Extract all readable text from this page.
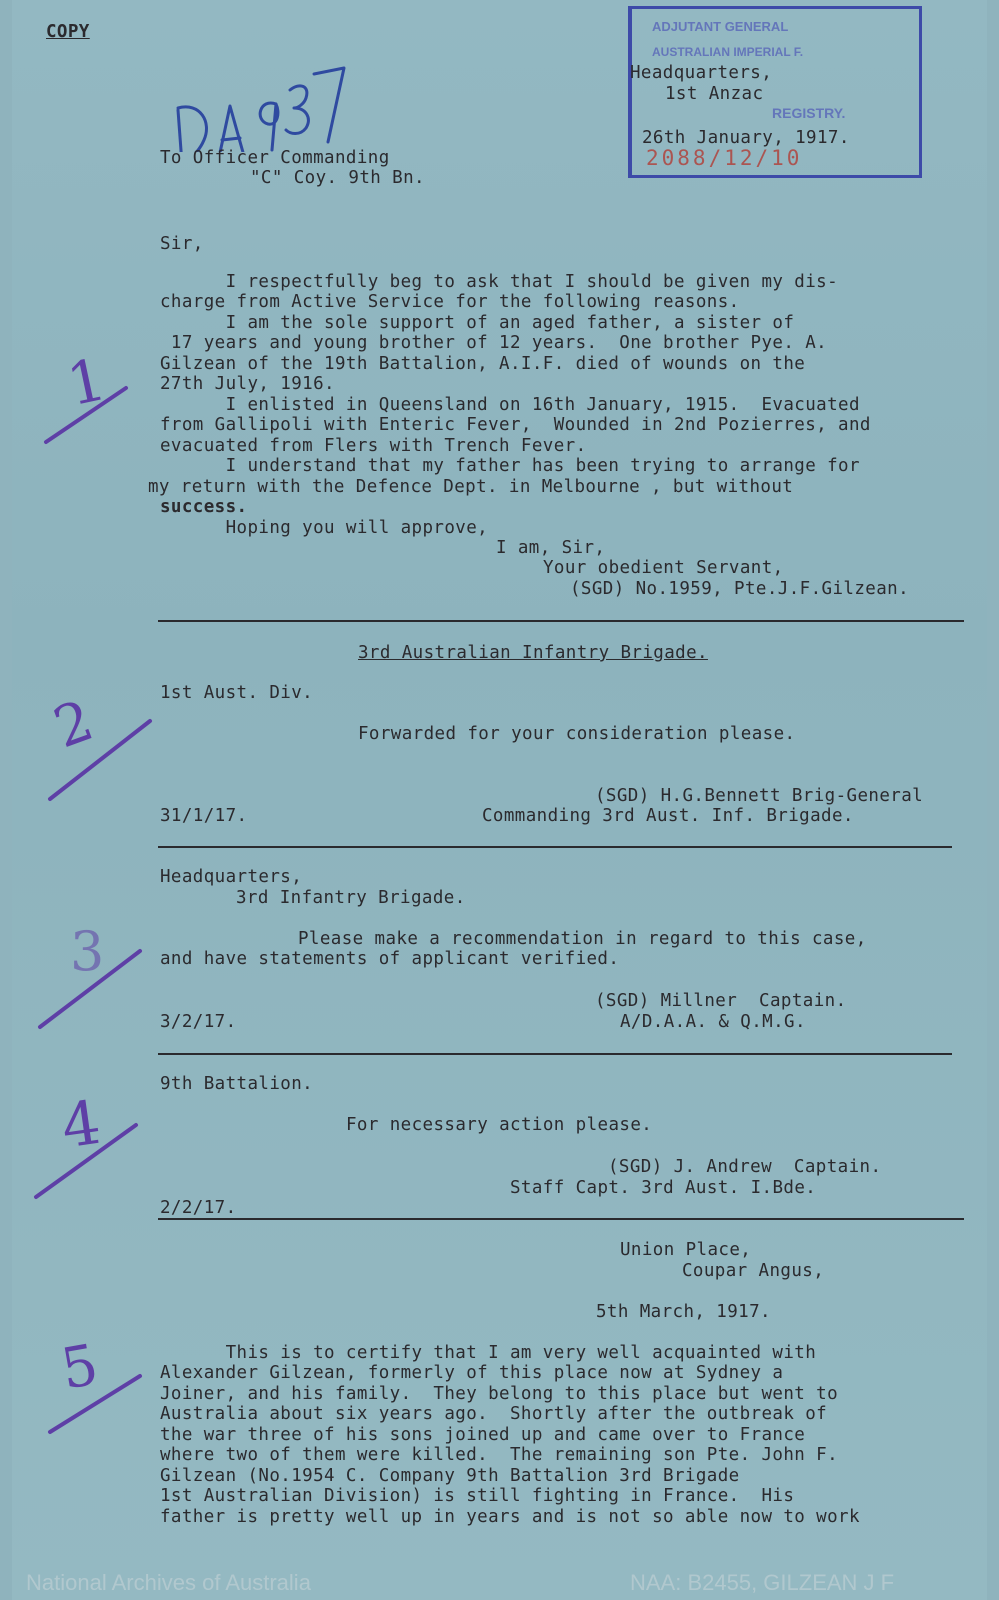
COPY	ADJUTANT GENERAL
AUSTRALIAN IMPERIAL F.
REGISTRY.
2088/12/10
Headquarters,
1st Anzac
26th January, 1917.
To Officer Commanding
"C" Coy. 9th Bn.
Sir,
I respectfully beg to ask that I should be given my dis-
charge from Active Service for the following reasons.
I am the sole support of an aged father, a sister of
17 years and young brother of 12 years.  One brother Pye. A.
Gilzean of the 19th Battalion, A.I.F. died of wounds on the
27th July, 1916.
I enlisted in Queensland on 16th January, 1915.  Evacuated
from Gallipoli with Enteric Fever,  Wounded in 2nd Pozierres, and
evacuated from Flers with Trench Fever.
I understand that my father has been trying to arrange for
my return with the Defence Dept. in Melbourne , but without
success.
Hoping you will approve,
I am, Sir,
Your obedient Servant,
(SGD) No.1959, Pte.J.F.Gilzean.
3rd Australian Infantry Brigade.
1st Aust. Div.
Forwarded for your consideration please.
(SGD) H.G.Bennett Brig-General
Commanding 3rd Aust. Inf. Brigade.
31/1/17.
Headquarters,
3rd Infantry Brigade.
Please make a recommendation in regard to this case,
and have statements of applicant verified.
(SGD) Millner  Captain.
A/D.A.A. & Q.M.G.
3/2/17.
9th Battalion.
For necessary action please.
(SGD) J. Andrew  Captain.
Staff Capt. 3rd Aust. I.Bde.
2/2/17.
Union Place,
Coupar Angus,
5th March, 1917.
This is to certify that I am very well acquainted with
Alexander Gilzean, formerly of this place now at Sydney a
Joiner, and his family.  They belong to this place but went to
Australia about six years ago.  Shortly after the outbreak of
the war three of his sons joined up and came over to France
where two of them were killed.  The remaining son Pte. John F.
Gilzean (No.1954 C. Company 9th Battalion 3rd Brigade
1st Australian Division) is still fighting in France.  His
father is pretty well up in years and is not so able now to work
1
2
3
4
5
National Archives of Australia	NAA: B2455, GILZEAN J F
